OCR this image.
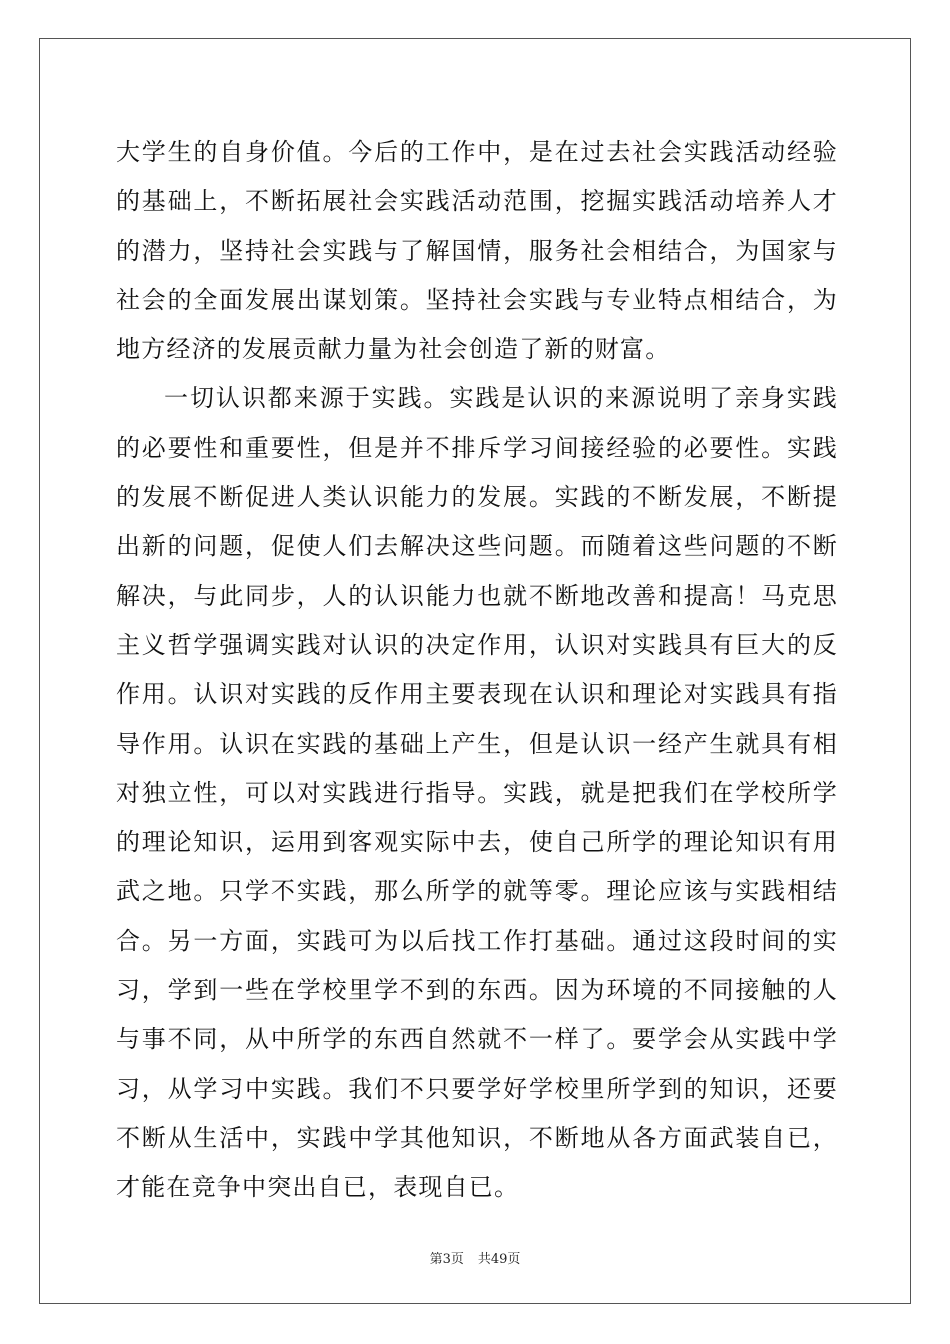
大学生的自身价值。今后的工作中，是在过去社会实践活动经验的基础上，不断拓展社会实践活动范围，挖掘实践活动培养人才的潜力，坚持社会实践与了解国情，服务社会相结合，为国家与社会的全面发展出谋划策。坚持社会实践与专业特点相结合，为地方经济的发展贡献力量为社会创造了新的财富。

一切认识都来源于实践。实践是认识的来源说明了亲身实践的必要性和重要性，但是并不排斥学习间接经验的必要性。实践的发展不断促进人类认识能力的发展。实践的不断发展，不断提出新的问题，促使人们去解决这些问题。而随着这些问题的不断解决，与此同步，人的认识能力也就不断地改善和提高！马克思主义哲学强调实践对认识的决定作用，认识对实践具有巨大的反作用。认识对实践的反作用主要表现在认识和理论对实践具有指导作用。认识在实践的基础上产生，但是认识一经产生就具有相对独立性，可以对实践进行指导。实践，就是把我们在学校所学的理论知识，运用到客观实际中去，使自己所学的理论知识有用武之地。只学不实践，那么所学的就等零。理论应该与实践相结合。另一方面，实践可为以后找工作打基础。通过这段时间的实习，学到一些在学校里学不到的东西。因为环境的不同接触的人与事不同，从中所学的东西自然就不一样了。要学会从实践中学习，从学习中实践。我们不只要学好学校里所学到的知识，还要不断从生活中，实践中学其他知识，不断地从各方面武装自已，才能在竞争中突出自已，表现自已。

第3页 共49页
